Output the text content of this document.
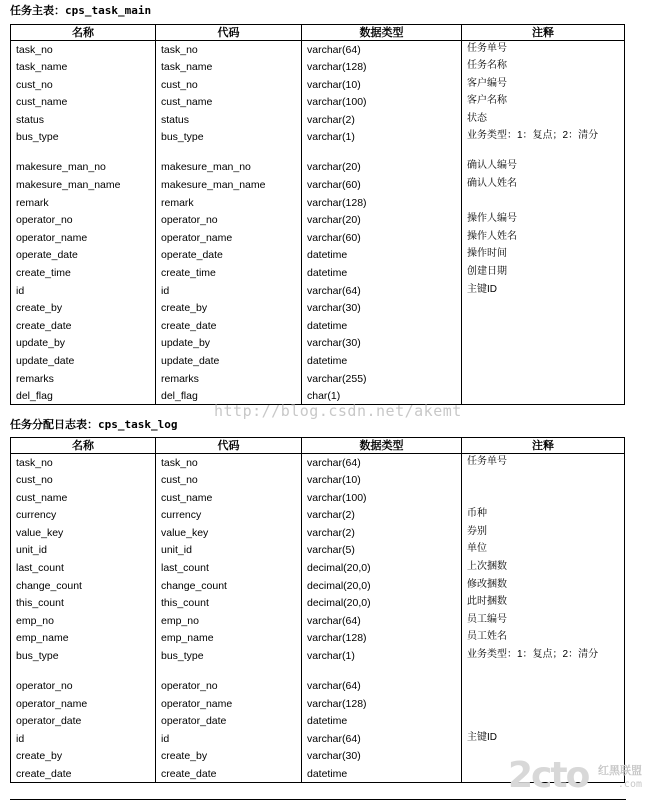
任务主表：cps_task_main
名称	代码	数据类型	注释
task_no	task_no	varchar(64)	任务单号
task_name	task_name	varchar(128)	任务名称
cust_no	cust_no	varchar(10)	客户编号
cust_name	cust_name	varchar(100)	客户名称
status	status	varchar(2)	状态
bus_type	bus_type	varchar(1)	业务类型：1：复点；2：清分
makesure_man_no	makesure_man_no	varchar(20)	确认人编号
makesure_man_name	makesure_man_name	varchar(60)	确认人姓名
remark	remark	varchar(128)	
operator_no	operator_no	varchar(20)	操作人编号
operator_name	operator_name	varchar(60)	操作人姓名
operate_date	operate_date	datetime	操作时间
create_time	create_time	datetime	创建日期
id	id	varchar(64)	主键ID
create_by	create_by	varchar(30)	
create_date	create_date	datetime	
update_by	update_by	varchar(30)	
update_date	update_date	datetime	
remarks	remarks	varchar(255)	
del_flag	del_flag	char(1)	
http://blog.csdn.net/akemt
任务分配日志表：cps_task_log
名称	代码	数据类型	注释
task_no	task_no	varchar(64)	任务单号
cust_no	cust_no	varchar(10)	
cust_name	cust_name	varchar(100)	
currency	currency	varchar(2)	币种
value_key	value_key	varchar(2)	券别
unit_id	unit_id	varchar(5)	单位
last_count	last_count	decimal(20,0)	上次捆数
change_count	change_count	decimal(20,0)	修改捆数
this_count	this_count	decimal(20,0)	此时捆数
emp_no	emp_no	varchar(64)	员工编号
emp_name	emp_name	varchar(128)	员工姓名
bus_type	bus_type	varchar(1)	业务类型：1：复点；2：清分
operator_no	operator_no	varchar(64)	
operator_name	operator_name	varchar(128)	
operator_date	operator_date	datetime	
id	id	varchar(64)	主键ID
create_by	create_by	varchar(30)	
create_date	create_date	datetime		2cto 红黑联盟
.com
